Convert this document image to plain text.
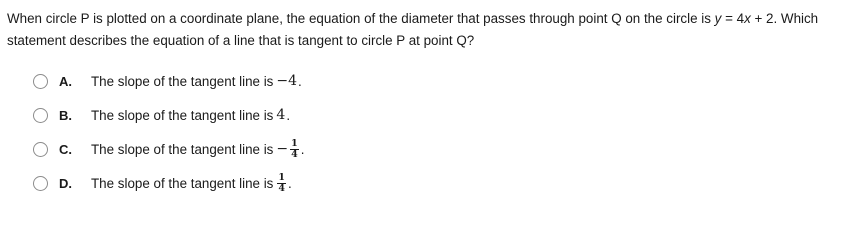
When circle P is plotted on a coordinate plane, the equation of the diameter that passes through point Q on the circle is y = 4x + 2. Which statement describes the equation of a line that is tangent to circle P at point Q?
A. The slope of the tangent line is −4 .
B. The slope of the tangent line is 4 .
C. The slope of the tangent line is − $\frac{1}{4}$ .
D. The slope of the tangent line is $\frac{1}{4}$ .
